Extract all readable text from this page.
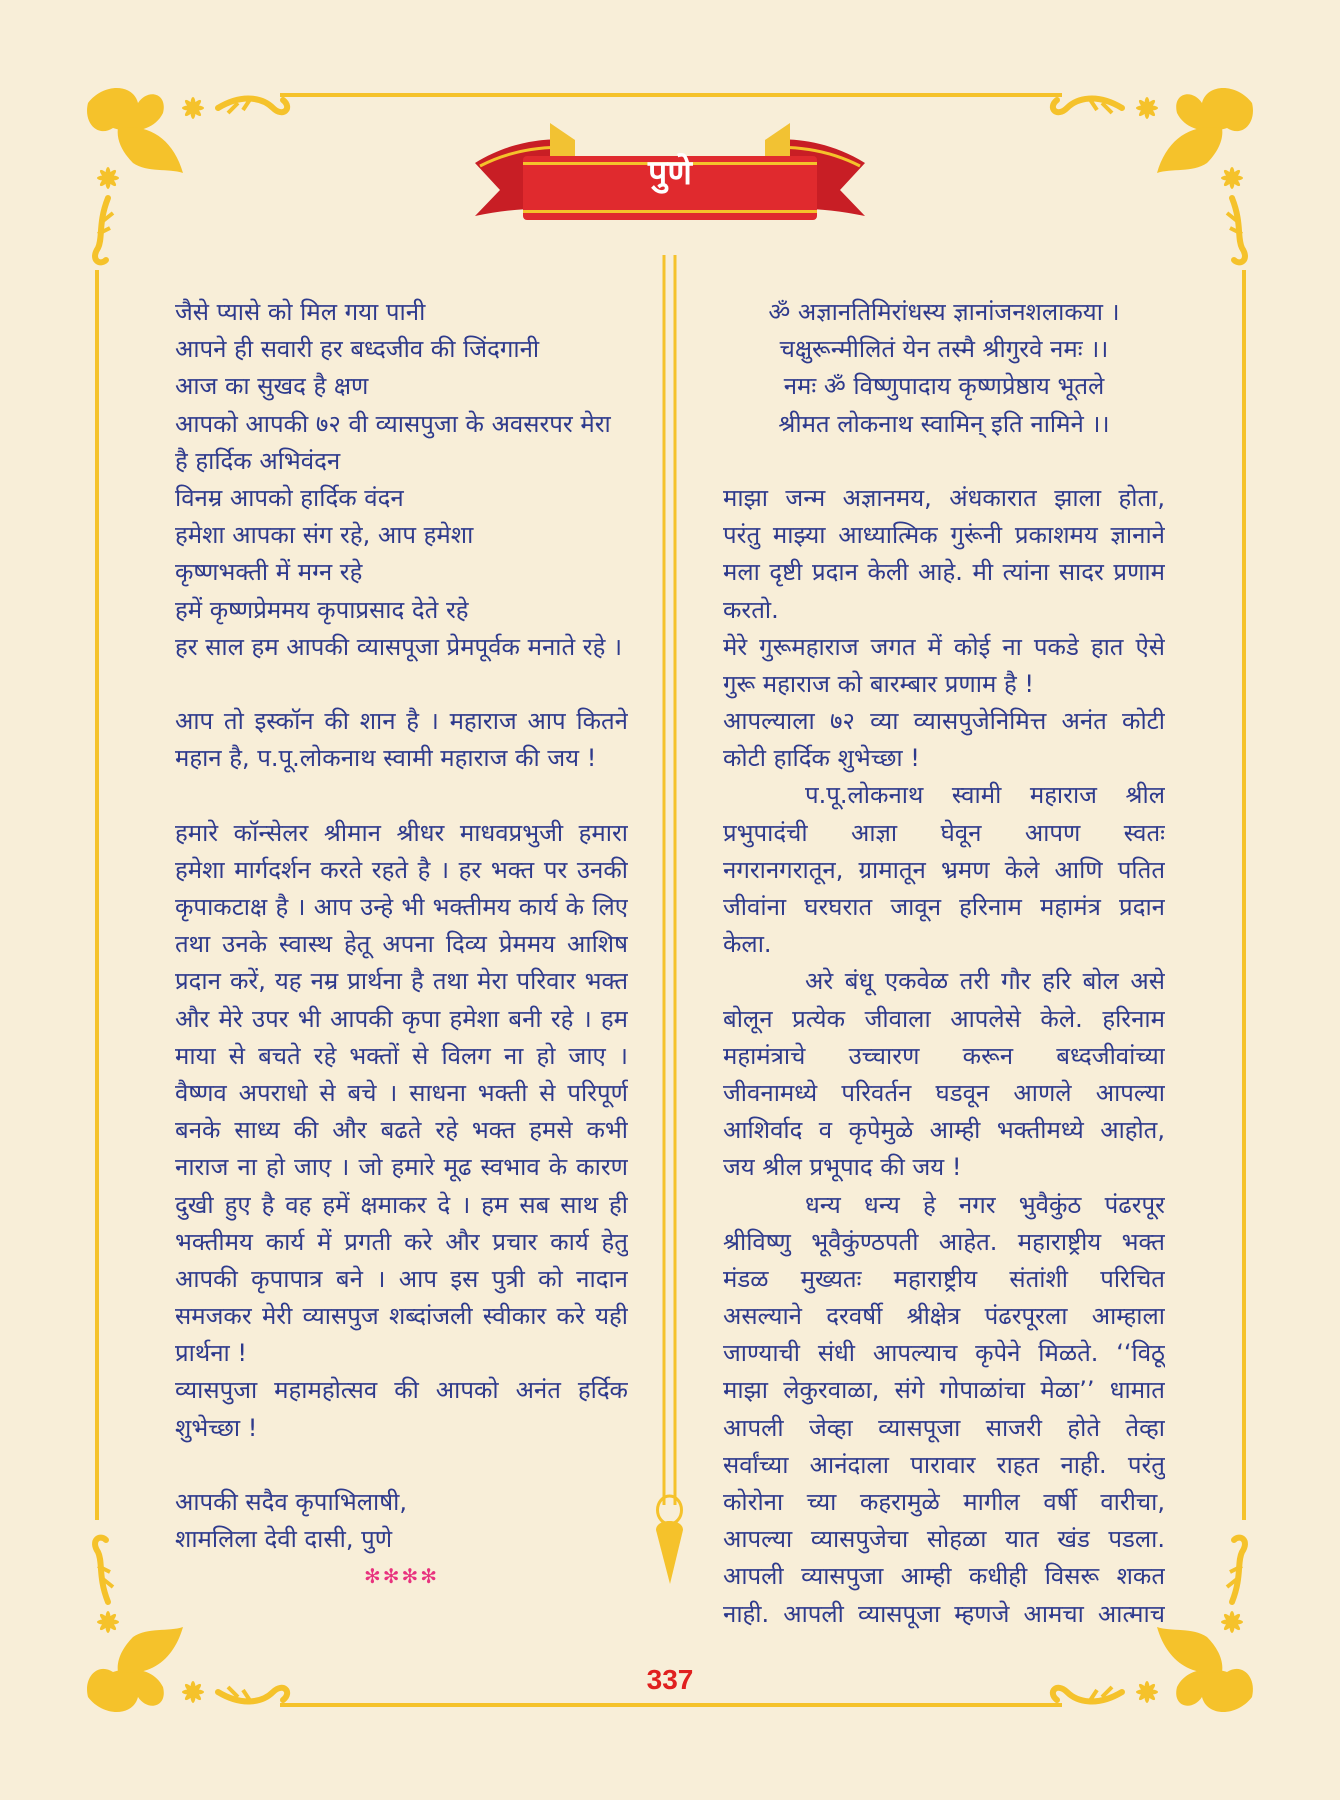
पुणे
जैसे प्यासे को मिल गया पानी
आपने ही सवारी हर बध्दजीव की जिंदगानी
आज का सुखद है क्षण
आपको आपकी ७२ वी व्यासपुजा के अवसरपर मेरा
है हार्दिक अभिवंदन
विनम्र आपको हार्दिक वंदन
हमेशा आपका संग रहे, आप हमेशा
कृष्णभक्ती में मग्न रहे
हमें कृष्णप्रेममय कृपाप्रसाद देते रहे
हर साल हम आपकी व्यासपूजा प्रेमपूर्वक मनाते रहे ।
आप तो इस्कॉन की शान है । महाराज आप कितने
महान है, प.पू.लोकनाथ स्वामी महाराज की जय !
हमारे कॉन्सेलर श्रीमान श्रीधर माधवप्रभुजी हमारा
हमेशा मार्गदर्शन करते रहते है । हर भक्त पर उनकी
कृपाकटाक्ष है । आप उन्हे भी भक्तीमय कार्य के लिए
तथा उनके स्वास्थ हेतू अपना दिव्य प्रेममय आशिष
प्रदान करें, यह नम्र प्रार्थना है तथा मेरा परिवार भक्त
और मेरे उपर भी आपकी कृपा हमेशा बनी रहे । हम
माया से बचते रहे भक्तों से विलग ना हो जाए ।
वैष्णव अपराधो से बचे । साधना भक्ती से परिपूर्ण
बनके साध्य की और बढते रहे भक्त हमसे कभी
नाराज ना हो जाए । जो हमारे मूढ स्वभाव के कारण
दुखी हुए है वह हमें क्षमाकर दे । हम सब साथ ही
भक्तीमय कार्य में प्रगती करे और प्रचार कार्य हेतु
आपकी कृपापात्र बने । आप इस पुत्री को नादान
समजकर मेरी व्यासपुज शब्दांजली स्वीकार करे यही
प्रार्थना !
व्यासपुजा महामहोत्सव की आपको अनंत हर्दिक
शुभेच्छा !
आपकी सदैव कृपाभिलाषी,
शामलिला देवी दासी, पुणे
✻✻✻✻
ॐ अज्ञानतिमिरांधस्य ज्ञानांजनशलाकया ।
चक्षुरून्मीलितं येन तस्मै श्रीगुरवे नमः ।।
नमः ॐ विष्णुपादाय कृष्णप्रेष्ठाय भूतले
श्रीमत लोकनाथ स्वामिन् इति नामिने ।।
माझा जन्म अज्ञानमय, अंधकारात झाला होता,
परंतु माझ्या आध्यात्मिक गुरूंनी प्रकाशमय ज्ञानाने
मला दृष्टी प्रदान केली आहे. मी त्यांना सादर प्रणाम
करतो.
मेरे गुरूमहाराज जगत में कोई ना पकडे हात ऐसे
गुरू महाराज को बारम्बार प्रणाम है !
आपल्याला ७२ व्या व्यासपुजेनिमित्त अनंत कोटी
कोटी हार्दिक शुभेच्छा !
प.पू.लोकनाथ स्वामी महाराज श्रील
प्रभुपादंची आज्ञा घेवून आपण स्वतः
नगरानगरातून, ग्रामातून भ्रमण केले आणि पतित
जीवांना घरघरात जावून हरिनाम महामंत्र प्रदान
केला.
अरे बंधू एकवेळ तरी गौर हरि बोल असे
बोलून प्रत्येक जीवाला आपलेसे केले. हरिनाम
महामंत्राचे उच्चारण करून बध्दजीवांच्या
जीवनामध्ये परिवर्तन घडवून आणले आपल्या
आशिर्वाद व कृपेमुळे आम्ही भक्तीमध्ये आहोत,
जय श्रील प्रभूपाद की जय !
धन्य धन्य हे नगर भुवैकुंठ पंढरपूर
श्रीविष्णु भूवैकुंण्ठपती आहेत. महाराष्ट्रीय भक्त
मंडळ मुख्यतः महाराष्ट्रीय संतांशी परिचित
असल्याने दरवर्षी श्रीक्षेत्र पंढरपूरला आम्हाला
जाण्याची संधी आपल्याच कृपेने मिळते. ‘‘विठू
माझा लेकुरवाळा, संगे गोपाळांचा मेळा’’ धामात
आपली जेव्हा व्यासपूजा साजरी होते तेव्हा
सर्वांच्या आनंदाला पारावार राहत नाही. परंतु
कोरोना च्या कहरामुळे मागील वर्षी वारीचा,
आपल्या व्यासपुजेचा सोहळा यात खंड पडला.
आपली व्यासपुजा आम्ही कधीही विसरू शकत
नाही. आपली व्यासपूजा म्हणजे आमचा आत्माच
337
